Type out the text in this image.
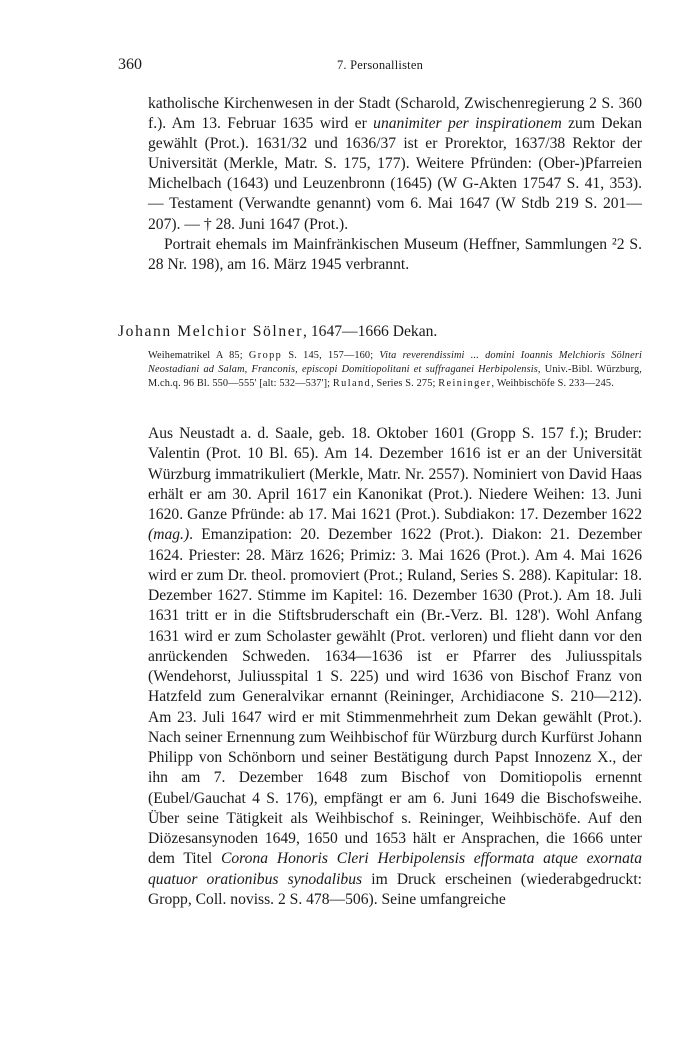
360	7. Personallisten

katholische Kirchenwesen in der Stadt (Scharold, Zwischenregierung 2 S. 360 f.). Am 13. Februar 1635 wird er unanimiter per inspirationem zum Dekan gewählt (Prot.). 1631/32 und 1636/37 ist er Prorektor, 1637/38 Rektor der Universität (Merkle, Matr. S. 175, 177). Weitere Pfründen: (Ober-)Pfarreien Michelbach (1643) und Leuzenbronn (1645) (W G-Akten 17547 S. 41, 353). — Testament (Verwandte genannt) vom 6. Mai 1647 (W Stdb 219 S. 201—207). — † 28. Juni 1647 (Prot.).

Portrait ehemals im Mainfränkischen Museum (Heffner, Sammlungen ²2 S. 28 Nr. 198), am 16. März 1945 verbrannt.

Johann Melchior Sölner, 1647—1666 Dekan.
Weihematrikel A 85; Gropp S. 145, 157—160; Vita reverendissimi ... domini Ioannis Melchioris Sölneri Neostadiani ad Salam, Franconis, episcopi Domitiopolitani et suffraganei Herbipolensis, Univ.-Bibl. Würzburg, M.ch.q. 96 Bl. 550—555' [alt: 532—537']; Ruland, Series S. 275; Reininger, Weihbischöfe S. 233—245.

Aus Neustadt a. d. Saale, geb. 18. Oktober 1601 (Gropp S. 157 f.); Bruder: Valentin (Prot. 10 Bl. 65). Am 14. Dezember 1616 ist er an der Universität Würzburg immatrikuliert (Merkle, Matr. Nr. 2557). Nominiert von David Haas erhält er am 30. April 1617 ein Kanonikat (Prot.). Niedere Weihen: 13. Juni 1620. Ganze Pfründe: ab 17. Mai 1621 (Prot.). Subdiakon: 17. Dezember 1622 (mag.). Emanzipation: 20. Dezember 1622 (Prot.). Diakon: 21. Dezember 1624. Priester: 28. März 1626; Primiz: 3. Mai 1626 (Prot.). Am 4. Mai 1626 wird er zum Dr. theol. promoviert (Prot.; Ruland, Series S. 288). Kapitular: 18. Dezember 1627. Stimme im Kapitel: 16. Dezember 1630 (Prot.). Am 18. Juli 1631 tritt er in die Stiftsbruderschaft ein (Br.-Verz. Bl. 128'). Wohl Anfang 1631 wird er zum Scholaster gewählt (Prot. verloren) und flieht dann vor den anrückenden Schweden. 1634—1636 ist er Pfarrer des Juliusspitals (Wendehorst, Juliusspital 1 S. 225) und wird 1636 von Bischof Franz von Hatzfeld zum Generalvikar ernannt (Reininger, Archidiacone S. 210—212). Am 23. Juli 1647 wird er mit Stimmenmehrheit zum Dekan gewählt (Prot.). Nach seiner Ernennung zum Weihbischof für Würzburg durch Kurfürst Johann Philipp von Schönborn und seiner Bestätigung durch Papst Innozenz X., der ihn am 7. Dezember 1648 zum Bischof von Domitiopolis ernennt (Eubel/Gauchat 4 S. 176), empfängt er am 6. Juni 1649 die Bischofsweihe. Über seine Tätigkeit als Weihbischof s. Reininger, Weihbischöfe. Auf den Diözesansynoden 1649, 1650 und 1653 hält er Ansprachen, die 1666 unter dem Titel Corona Honoris Cleri Herbipolensis efformata atque exornata quatuor orationibus synodalibus im Druck erscheinen (wiederabgedruckt: Gropp, Coll. noviss. 2 S. 478—506). Seine umfangreiche
